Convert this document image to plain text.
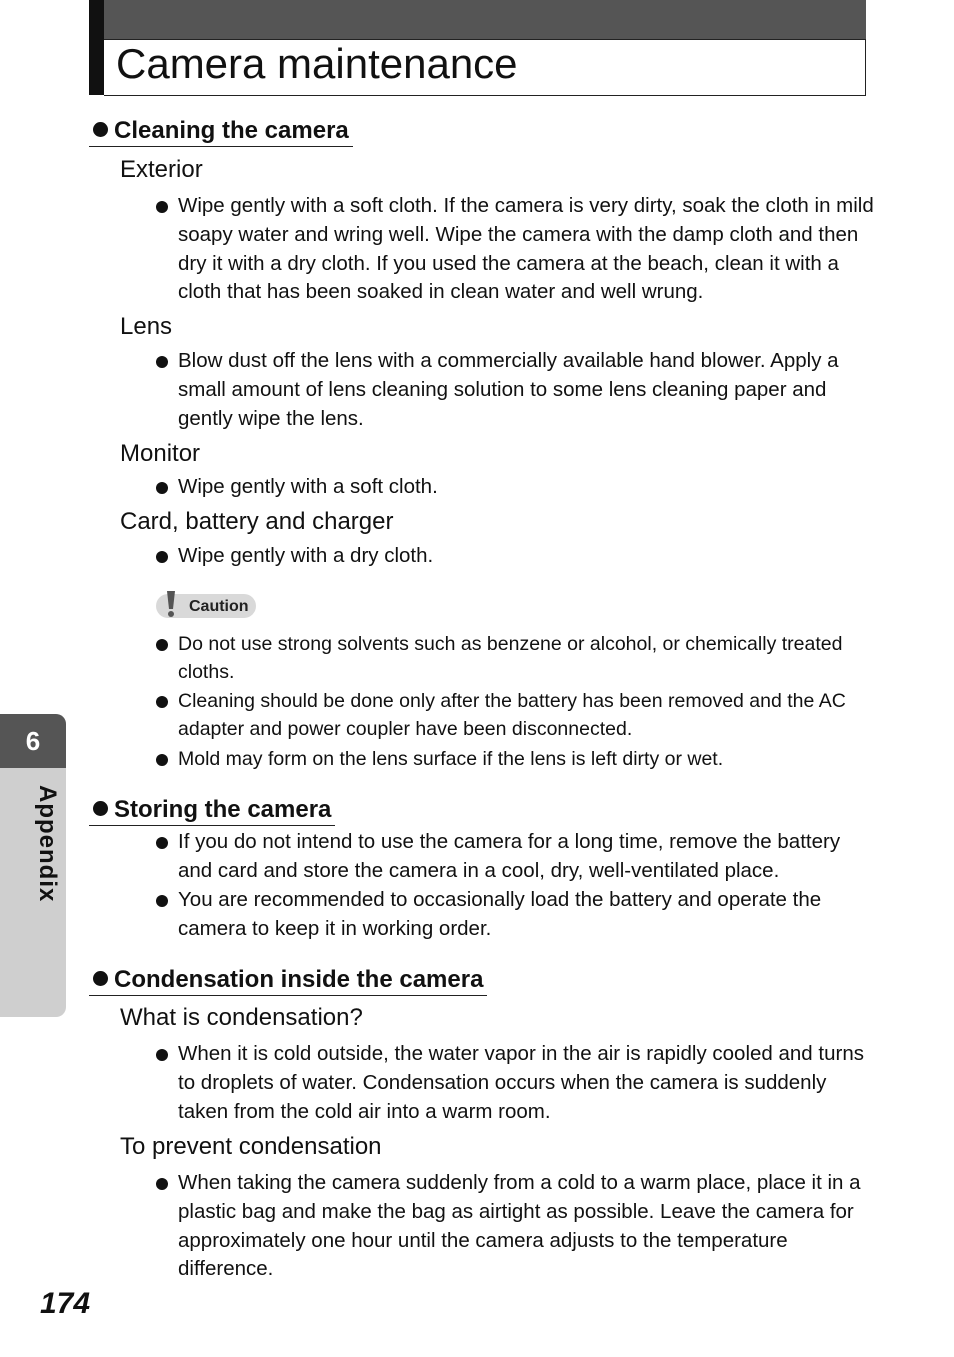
Camera maintenance
Cleaning the camera
Exterior
Wipe gently with a soft cloth. If the camera is very dirty, soak the cloth in mild soapy water and wring well. Wipe the camera with the damp cloth and then dry it with a dry cloth. If you used the camera at the beach, clean it with a cloth that has been soaked in clean water and well wrung.
Lens
Blow dust off the lens with a commercially available hand blower. Apply a small amount of lens cleaning solution to some lens cleaning paper and gently wipe the lens.
Monitor
Wipe gently with a soft cloth.
Card, battery and charger
Wipe gently with a dry cloth.
Caution
Do not use strong solvents such as benzene or alcohol, or chemically treated cloths.
Cleaning should be done only after the battery has been removed and the AC adapter and power coupler have been disconnected.
Mold may form on the lens surface if the lens is left dirty or wet.
Storing the camera
If you do not intend to use the camera for a long time, remove the battery and card and store the camera in a cool, dry, well-ventilated place.
You are recommended to occasionally load the battery and operate the camera to keep it in working order.
Condensation inside the camera
What is condensation?
When it is cold outside, the water vapor in the air is rapidly cooled and turns to droplets of water. Condensation occurs when the camera is suddenly taken from the cold air into a warm room.
To prevent condensation
When taking the camera suddenly from a cold to a warm place, place it in a plastic bag and make the bag as airtight as possible. Leave the camera for approximately one hour until the camera adjusts to the temperature difference.
6
Appendix
174
